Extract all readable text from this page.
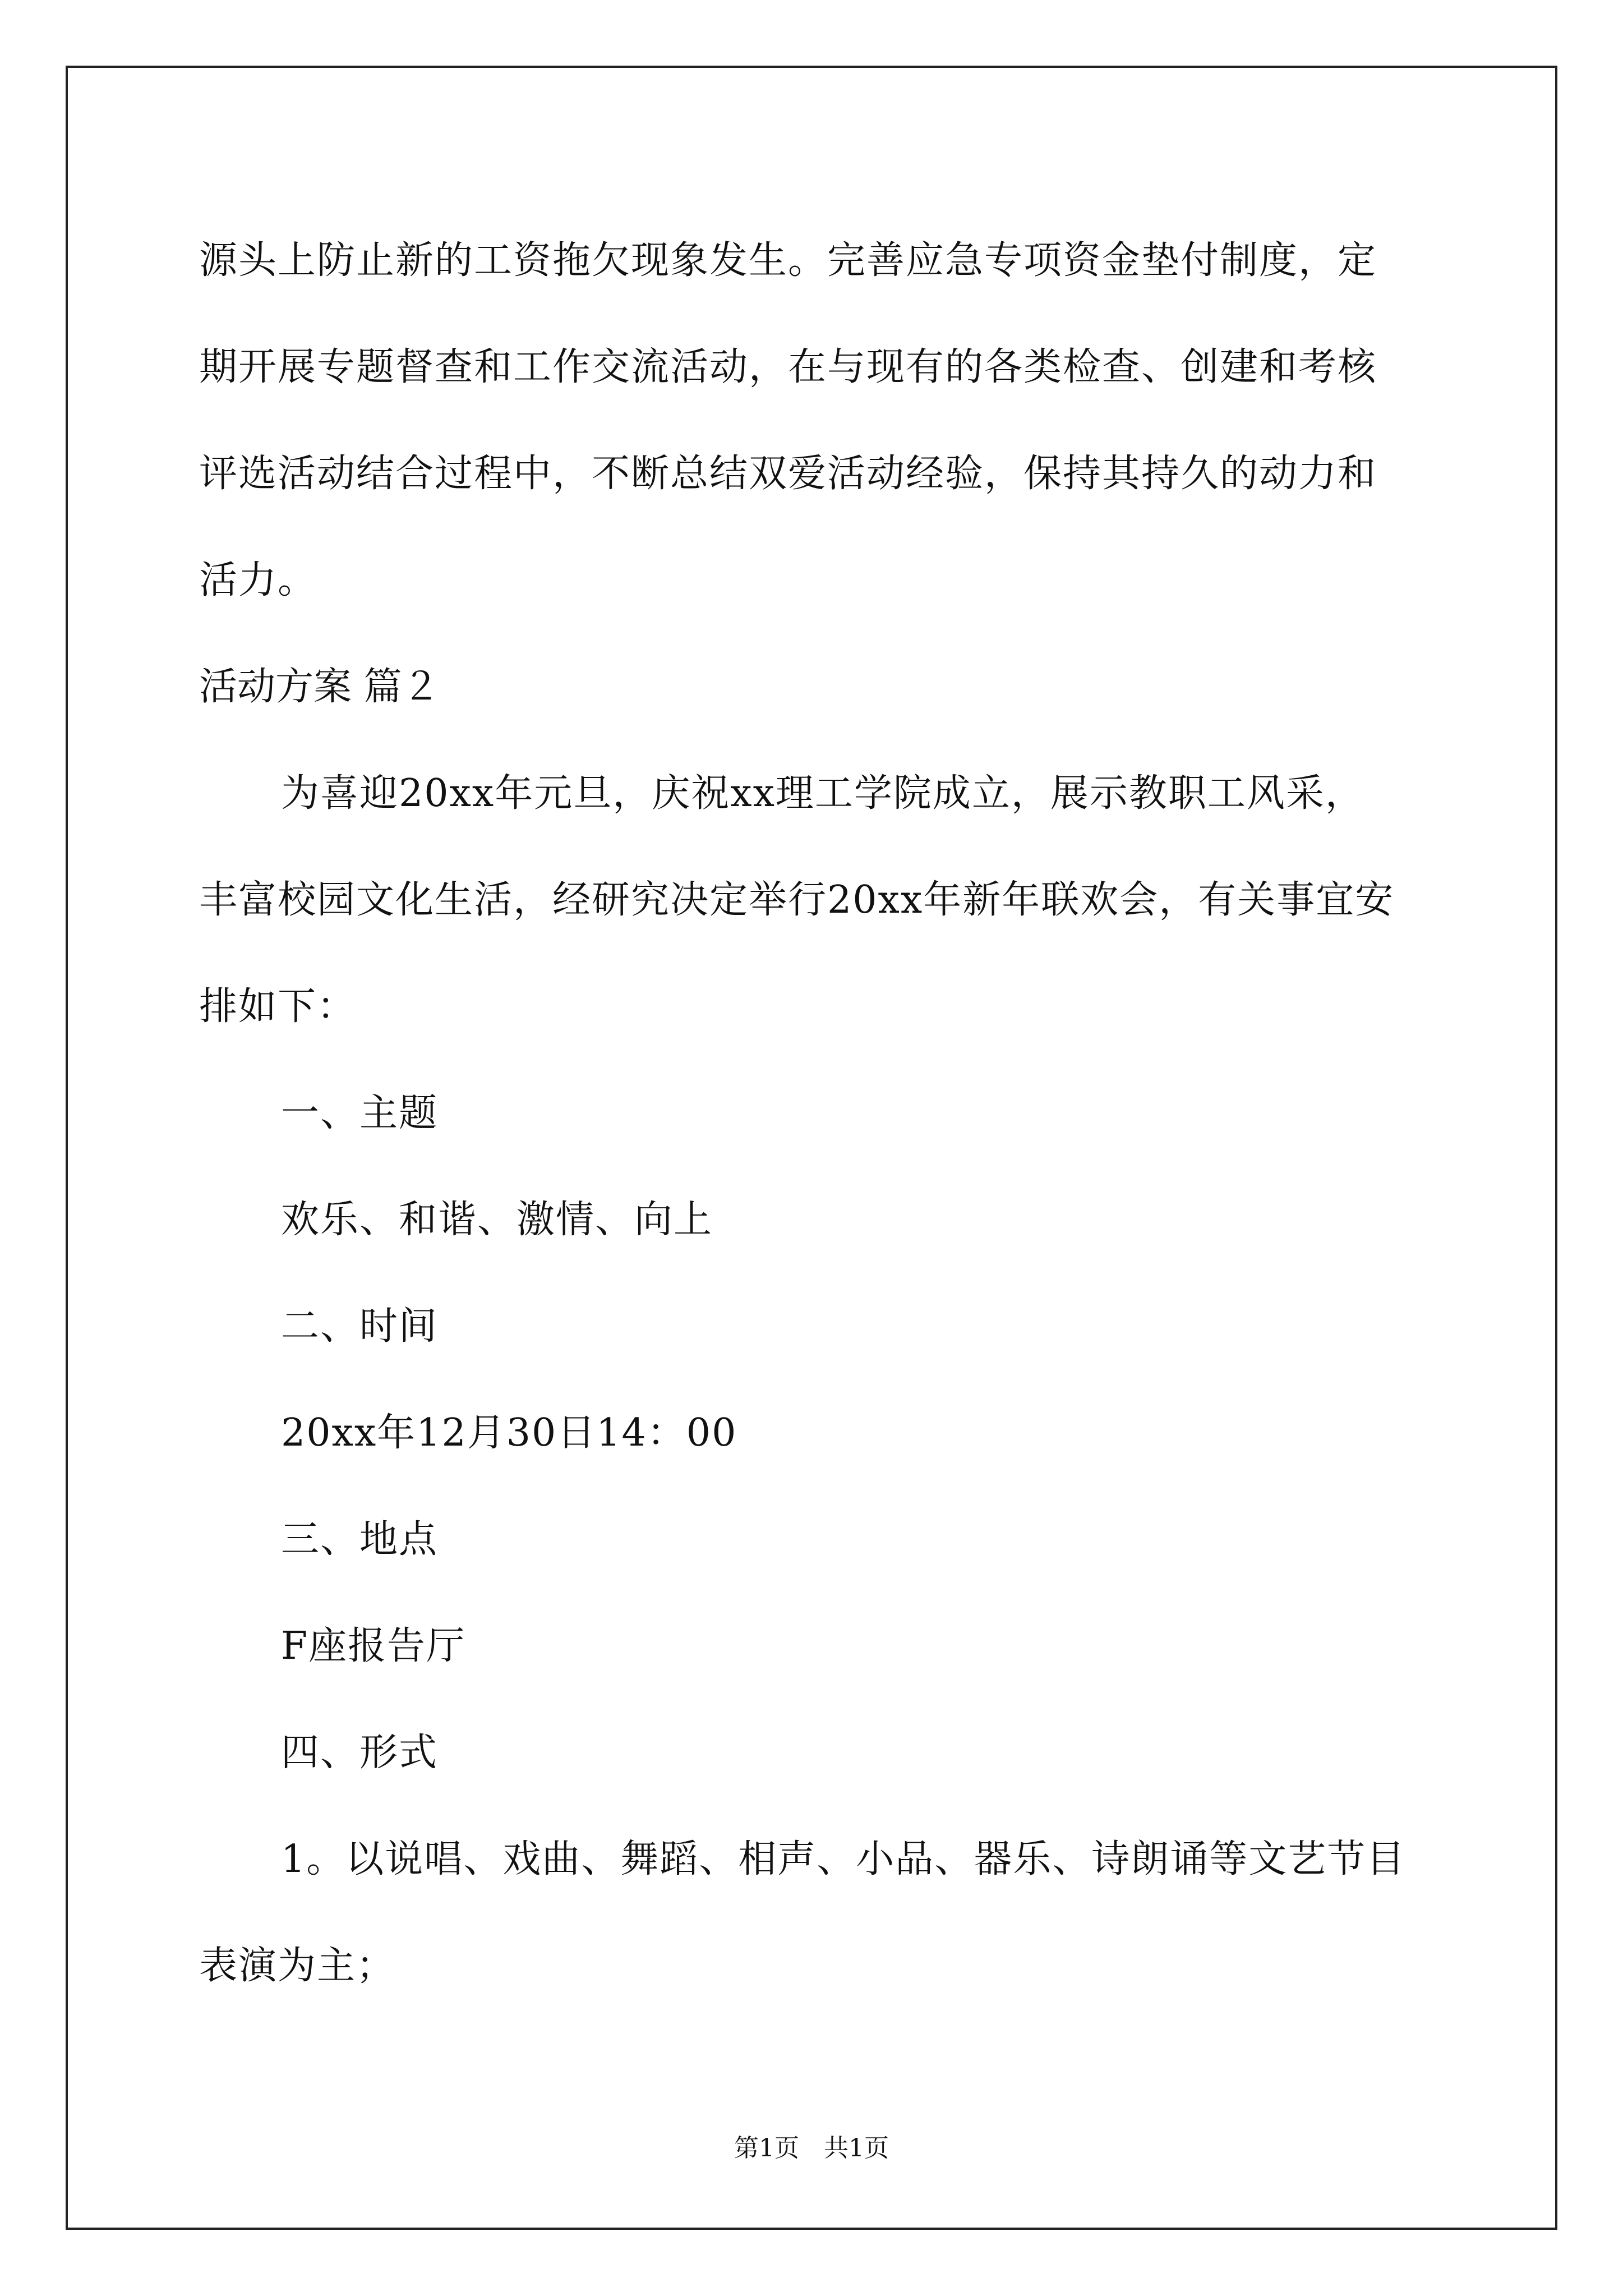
源头上防止新的工资拖欠现象发生。完善应急专项资金垫付制度，定
期开展专题督查和工作交流活动，在与现有的各类检查、创建和考核
评选活动结合过程中，不断总结双爱活动经验，保持其持久的动力和
活力。
活动方案 篇２
为喜迎20xx年元旦，庆祝xx理工学院成立，展示教职工风采，
丰富校园文化生活，经研究决定举行20xx年新年联欢会，有关事宜安
排如下：
一、主题
欢乐、和谐、激情、向上
二、时间
20xx年12月30日14：00
三、地点
F座报告厅
四、形式
1。以说唱、戏曲、舞蹈、相声、小品、器乐、诗朗诵等文艺节目
表演为主；
第1页 共1页
